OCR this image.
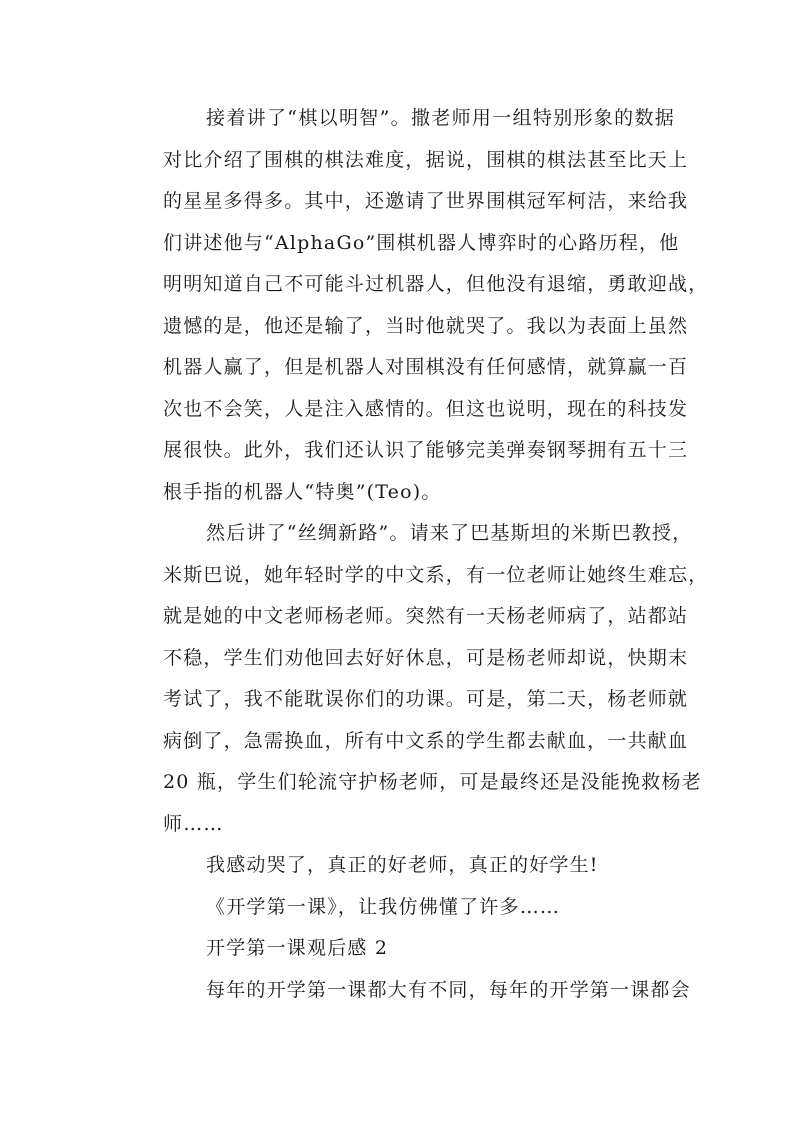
接着讲了“棋以明智”。撒老师用一组特别形象的数据
对比介绍了围棋的棋法难度，据说，围棋的棋法甚至比天上
的星星多得多。其中，还邀请了世界围棋冠军柯洁，来给我
们讲述他与“AlphaGo”围棋机器人博弈时的心路历程，他
明明知道自己不可能斗过机器人，但他没有退缩，勇敢迎战，
遗憾的是，他还是输了，当时他就哭了。我以为表面上虽然
机器人赢了，但是机器人对围棋没有任何感情，就算赢一百
次也不会笑，人是注入感情的。但这也说明，现在的科技发
展很快。此外，我们还认识了能够完美弹奏钢琴拥有五十三
根手指的机器人“特奥”(Teo)。
然后讲了“丝绸新路”。请来了巴基斯坦的米斯巴教授，
米斯巴说，她年轻时学的中文系，有一位老师让她终生难忘，
就是她的中文老师杨老师。突然有一天杨老师病了，站都站
不稳，学生们劝他回去好好休息，可是杨老师却说，快期末
考试了，我不能耽误你们的功课。可是，第二天，杨老师就
病倒了，急需换血，所有中文系的学生都去献血，一共献血
20 瓶，学生们轮流守护杨老师，可是最终还是没能挽救杨老
师……
我感动哭了，真正的好老师，真正的好学生!
《开学第一课》，让我仿佛懂了许多……
开学第一课观后感 2
每年的开学第一课都大有不同，每年的开学第一课都会
